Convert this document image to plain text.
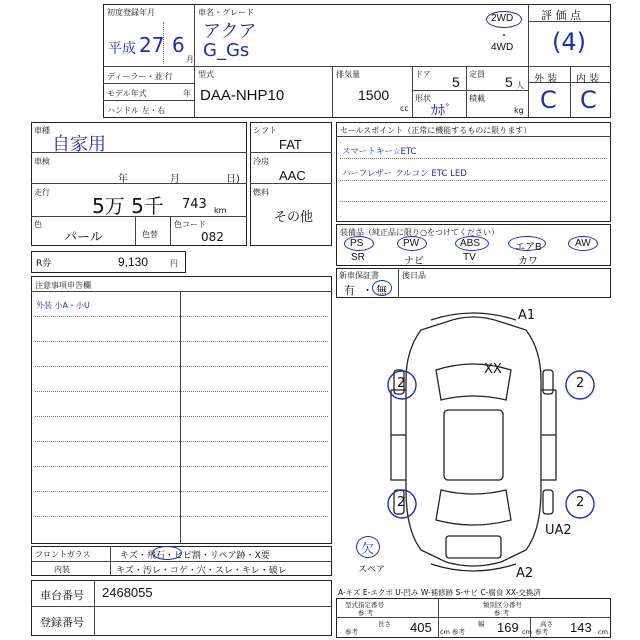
初度登録年月
平成 27 6
月
車名・グレード
アクア
G_Gs
2WD
・
4WD
評 価 点
(4)
ディーラー・並 行
モデル年式	年
ハンドル 左・右
型式
DAA-NHP10
排気量
1500
cc
ドア 5 定員 5 人
形状
ｶﾎﾞ
積載
kg
外 装 内 装
C C
車種
自家用
車検
年	月	日)
走行
5万 5千 743 km
色
パール	色替
色コード
082
シフト
FAT
冷房
AAC
燃料
その他
セールスポイント（正常に機能するものに限ります）
スマートキー☆ETC
ハーフレザー クルコン ETC LED
装備品（純正品に限り○をつけてください）
PS	PW	ABS	エアB	AW
SR	ナビ	TV	カワ
新車保証書	後日品
有 ・ 無
R券	9,130	円
注意事項申告欄
外装 小A・小U
フロントガラス	キズ・飛石・ヒビ割・リペア跡・X要
内装	キズ・汚レ・コゲ・穴・スレ・キレ・破レ
車台番号 2468055
登録番号
A1
XX
2	2
2	2
UA2
A2
欠
スペア
A-キズ E-エクボ U-凹み W-補修跡 S-サビ C-腐食 XX-交換済
型式指定番号
参 考
類別区分番号
参 考
長さ
参考	405 cm
幅
参考 169 cm
高さ
参考 143 cm
